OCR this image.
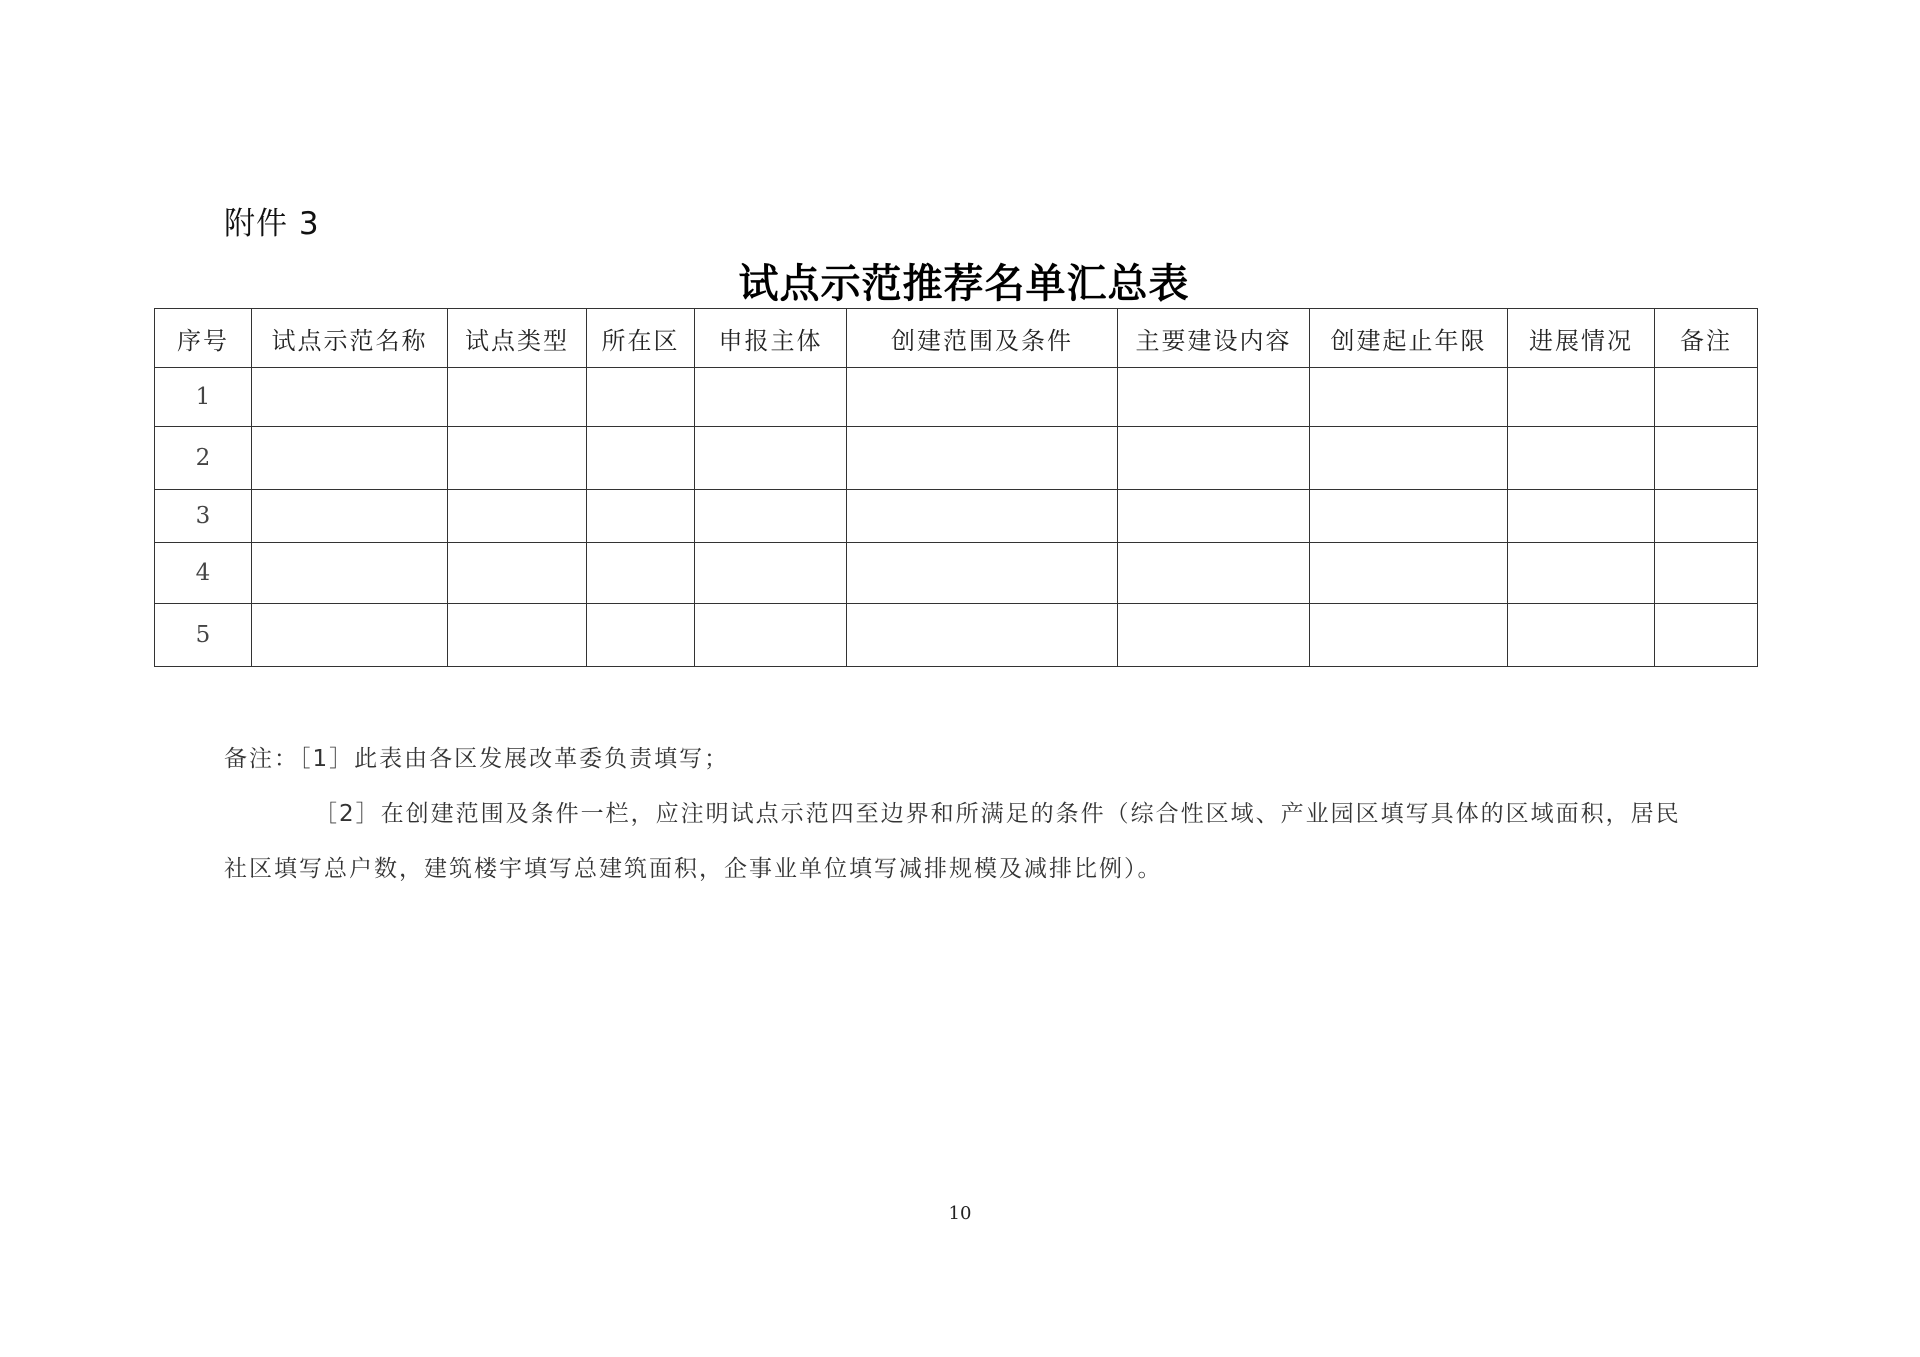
附件 3
试点示范推荐名单汇总表
序号	试点示范名称	试点类型	所在区	申报主体	创建范围及条件	主要建设内容	创建起止年限	进展情况	备注
1									
2									
3									
4									
5									
备注：［1］此表由各区发展改革委负责填写；
［2］在创建范围及条件一栏，应注明试点示范四至边界和所满足的条件（综合性区域、产业园区填写具体的区域面积，居民社区填写总户数，建筑楼宇填写总建筑面积，企事业单位填写减排规模及减排比例）。
10
